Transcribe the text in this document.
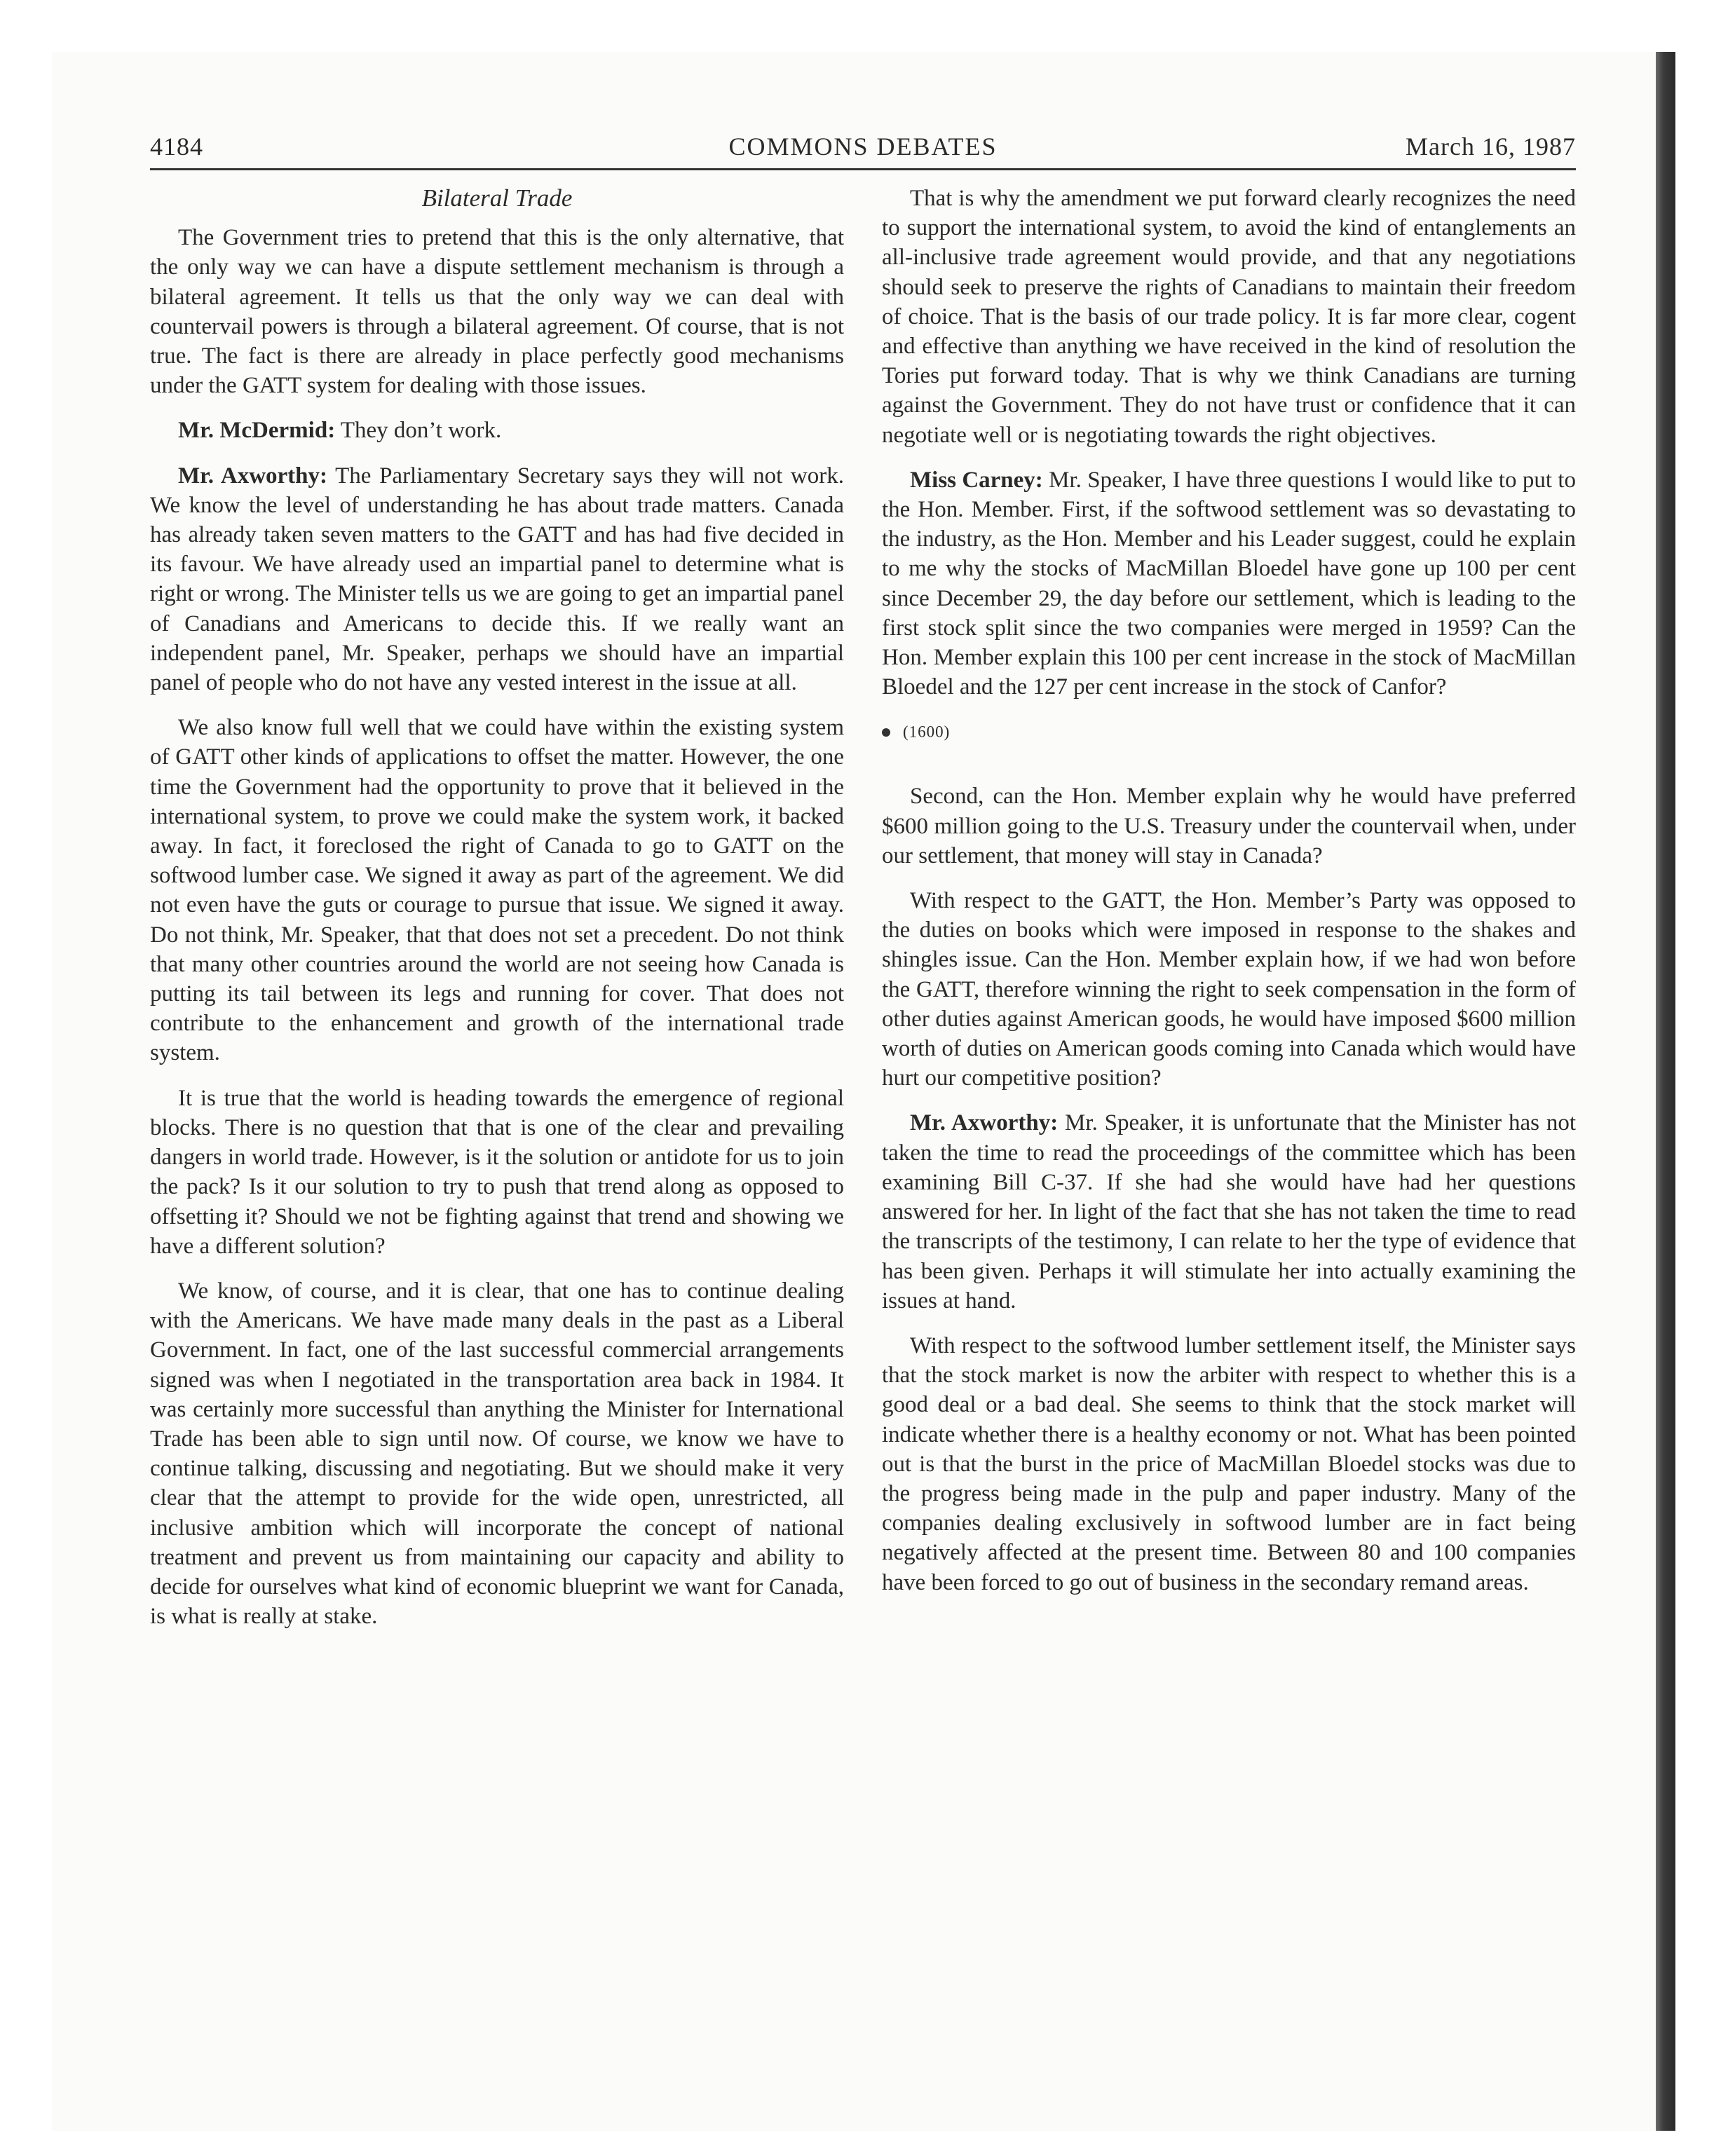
4184	COMMONS DEBATES	March 16, 1987

Bilateral Trade

The Government tries to pretend that this is the only alternative, that the only way we can have a dispute settlement mechanism is through a bilateral agreement. It tells us that the only way we can deal with countervail powers is through a bilateral agreement. Of course, that is not true. The fact is there are already in place perfectly good mechanisms under the GATT system for dealing with those issues.

Mr. McDermid: They don’t work.

Mr. Axworthy: The Parliamentary Secretary says they will not work. We know the level of understanding he has about trade matters. Canada has already taken seven matters to the GATT and has had five decided in its favour. We have already used an impartial panel to determine what is right or wrong. The Minister tells us we are going to get an impartial panel of Canadians and Americans to decide this. If we really want an independent panel, Mr. Speaker, perhaps we should have an impartial panel of people who do not have any vested interest in the issue at all.

We also know full well that we could have within the existing system of GATT other kinds of applications to offset the matter. However, the one time the Government had the opportunity to prove that it believed in the international system, to prove we could make the system work, it backed away. In fact, it foreclosed the right of Canada to go to GATT on the softwood lumber case. We signed it away as part of the agreement. We did not even have the guts or courage to pursue that issue. We signed it away. Do not think, Mr. Speaker, that that does not set a precedent. Do not think that many other countries around the world are not seeing how Canada is putting its tail between its legs and running for cover. That does not contribute to the enhancement and growth of the international trade system.

It is true that the world is heading towards the emergence of regional blocks. There is no question that that is one of the clear and prevailing dangers in world trade. However, is it the solution or antidote for us to join the pack? Is it our solution to try to push that trend along as opposed to offsetting it? Should we not be fighting against that trend and showing we have a different solution?

We know, of course, and it is clear, that one has to continue dealing with the Americans. We have made many deals in the past as a Liberal Government. In fact, one of the last successful commercial arrangements signed was when I negotiated in the transportation area back in 1984. It was certainly more successful than anything the Minister for International Trade has been able to sign until now. Of course, we know we have to continue talking, discussing and negotiating. But we should make it very clear that the attempt to provide for the wide open, unrestricted, all inclusive ambition which will incorporate the concept of national treatment and prevent us from maintaining our capacity and ability to decide for ourselves what kind of economic blueprint we want for Canada, is what is really at stake.

That is why the amendment we put forward clearly recognizes the need to support the international system, to avoid the kind of entanglements an all-inclusive trade agreement would provide, and that any negotiations should seek to preserve the rights of Canadians to maintain their freedom of choice. That is the basis of our trade policy. It is far more clear, cogent and effective than anything we have received in the kind of resolution the Tories put forward today. That is why we think Canadians are turning against the Government. They do not have trust or confidence that it can negotiate well or is negotiating towards the right objectives.

Miss Carney: Mr. Speaker, I have three questions I would like to put to the Hon. Member. First, if the softwood settlement was so devastating to the industry, as the Hon. Member and his Leader suggest, could he explain to me why the stocks of MacMillan Bloedel have gone up 100 per cent since December 29, the day before our settlement, which is leading to the first stock split since the two companies were merged in 1959? Can the Hon. Member explain this 100 per cent increase in the stock of MacMillan Bloedel and the 127 per cent increase in the stock of Canfor?

(1600)

Second, can the Hon. Member explain why he would have preferred $600 million going to the U.S. Treasury under the countervail when, under our settlement, that money will stay in Canada?

With respect to the GATT, the Hon. Member’s Party was opposed to the duties on books which were imposed in response to the shakes and shingles issue. Can the Hon. Member explain how, if we had won before the GATT, therefore winning the right to seek compensation in the form of other duties against American goods, he would have imposed $600 million worth of duties on American goods coming into Canada which would have hurt our competitive position?

Mr. Axworthy: Mr. Speaker, it is unfortunate that the Minister has not taken the time to read the proceedings of the committee which has been examining Bill C-37. If she had she would have had her questions answered for her. In light of the fact that she has not taken the time to read the transcripts of the testimony, I can relate to her the type of evidence that has been given. Perhaps it will stimulate her into actually examining the issues at hand.

With respect to the softwood lumber settlement itself, the Minister says that the stock market is now the arbiter with respect to whether this is a good deal or a bad deal. She seems to think that the stock market will indicate whether there is a healthy economy or not. What has been pointed out is that the burst in the price of MacMillan Bloedel stocks was due to the progress being made in the pulp and paper industry. Many of the companies dealing exclusively in softwood lumber are in fact being negatively affected at the present time. Between 80 and 100 companies have been forced to go out of business in the secondary remand areas.
